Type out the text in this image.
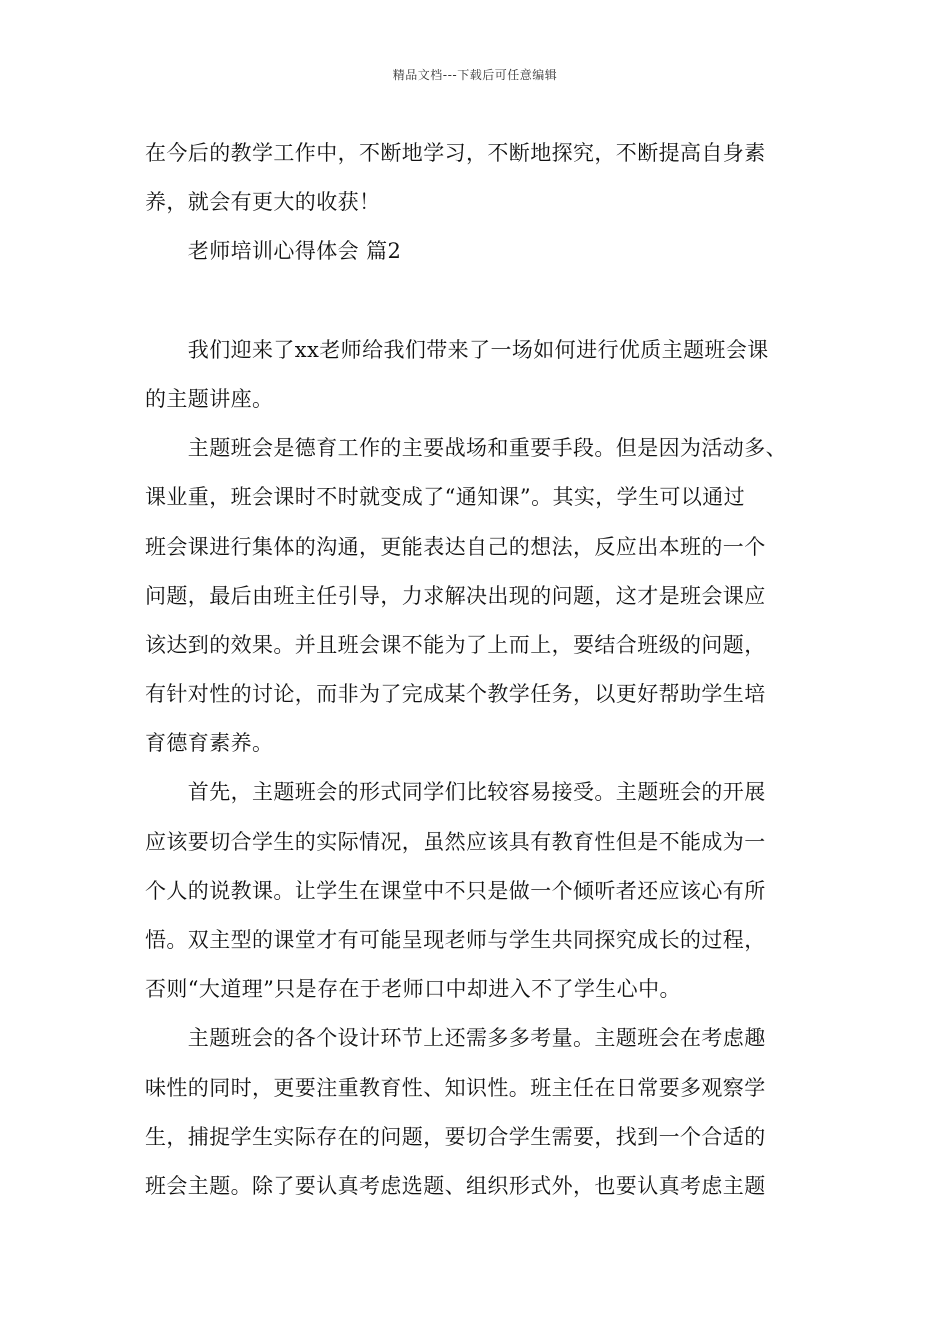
精品文档---下载后可任意编辑
在今后的教学工作中，不断地学习，不断地探究，不断提高自身素
养，就会有更大的收获！
　　老师培训心得体会 篇2
　　我们迎来了xx老师给我们带来了一场如何进行优质主题班会课
的主题讲座。
　　主题班会是德育工作的主要战场和重要手段。但是因为活动多、
课业重，班会课时不时就变成了“通知课”。其实，学生可以通过
班会课进行集体的沟通，更能表达自己的想法，反应出本班的一个
问题，最后由班主任引导，力求解决出现的问题，这才是班会课应
该达到的效果。并且班会课不能为了上而上，要结合班级的问题，
有针对性的讨论，而非为了完成某个教学任务，以更好帮助学生培
育德育素养。
　　首先，主题班会的形式同学们比较容易接受。主题班会的开展
应该要切合学生的实际情况，虽然应该具有教育性但是不能成为一
个人的说教课。让学生在课堂中不只是做一个倾听者还应该心有所
悟。双主型的课堂才有可能呈现老师与学生共同探究成长的过程，
否则“大道理”只是存在于老师口中却进入不了学生心中。
　　主题班会的各个设计环节上还需多多考量。主题班会在考虑趣
味性的同时，更要注重教育性、知识性。班主任在日常要多观察学
生，捕捉学生实际存在的问题，要切合学生需要，找到一个合适的
班会主题。除了要认真考虑选题、组织形式外，也要认真考虑主题
